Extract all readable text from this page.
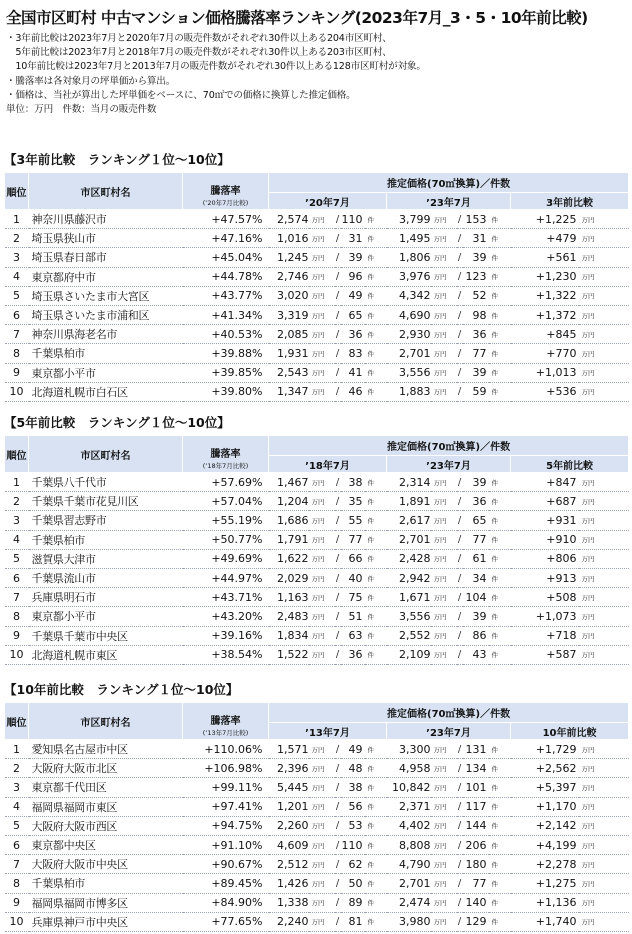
全国市区町村 中古マンション価格騰落率ランキング(2023年7月_3・5・10年前比較)
・3年前比較は2023年7月と2020年7月の販売件数がそれぞれ30件以上ある204市区町村、
　5年前比較は2023年7月と2018年7月の販売件数がそれぞれ30件以上ある203市区町村、
　10年前比較は2023年7月と2013年7月の販売件数がそれぞれ30件以上ある128市区町村が対象。
・騰落率は各対象月の坪単価から算出。
・価格は、当社が算出した坪単価をベースに、70㎡での価格に換算した推定価格。
単位：万円　件数：当月の販売件数
【3年前比較　ランキング１位～10位】
順位	市区町村名	騰落率
(’20年7月比較)	推定価格(70㎡換算)／件数											
			’20年7月					’23年7月					3年前比較	
1	神奈川県藤沢市	+47.57%	2,574	万円	/	110	件	3,799	万円	/	153	件	+1,225	万円
2	埼玉県狭山市	+47.16%	1,016	万円	/	31	件	1,495	万円	/	31	件	+479	万円
3	埼玉県春日部市	+45.04%	1,245	万円	/	39	件	1,806	万円	/	39	件	+561	万円
4	東京都府中市	+44.78%	2,746	万円	/	96	件	3,976	万円	/	123	件	+1,230	万円
5	埼玉県さいたま市大宮区	+43.77%	3,020	万円	/	49	件	4,342	万円	/	52	件	+1,322	万円
6	埼玉県さいたま市浦和区	+41.34%	3,319	万円	/	65	件	4,690	万円	/	98	件	+1,372	万円
7	神奈川県海老名市	+40.53%	2,085	万円	/	36	件	2,930	万円	/	36	件	+845	万円
8	千葉県柏市	+39.88%	1,931	万円	/	83	件	2,701	万円	/	77	件	+770	万円
9	東京都小平市	+39.85%	2,543	万円	/	41	件	3,556	万円	/	39	件	+1,013	万円
10	北海道札幌市白石区	+39.80%	1,347	万円	/	46	件	1,883	万円	/	59	件	+536	万円
【5年前比較　ランキング１位～10位】
順位	市区町村名	騰落率
(’18年7月比較)	推定価格(70㎡換算)／件数											
			’18年7月					’23年7月					5年前比較	
1	千葉県八千代市	+57.69%	1,467	万円	/	38	件	2,314	万円	/	39	件	+847	万円
2	千葉県千葉市花見川区	+57.04%	1,204	万円	/	35	件	1,891	万円	/	36	件	+687	万円
3	千葉県習志野市	+55.19%	1,686	万円	/	55	件	2,617	万円	/	65	件	+931	万円
4	千葉県柏市	+50.77%	1,791	万円	/	77	件	2,701	万円	/	77	件	+910	万円
5	滋賀県大津市	+49.69%	1,622	万円	/	66	件	2,428	万円	/	61	件	+806	万円
6	千葉県流山市	+44.97%	2,029	万円	/	40	件	2,942	万円	/	34	件	+913	万円
7	兵庫県明石市	+43.71%	1,163	万円	/	75	件	1,671	万円	/	104	件	+508	万円
8	東京都小平市	+43.20%	2,483	万円	/	51	件	3,556	万円	/	39	件	+1,073	万円
9	千葉県千葉市中央区	+39.16%	1,834	万円	/	63	件	2,552	万円	/	86	件	+718	万円
10	北海道札幌市東区	+38.54%	1,522	万円	/	36	件	2,109	万円	/	43	件	+587	万円
【10年前比較　ランキング１位～10位】
順位	市区町村名	騰落率
(’13年7月比較)	推定価格(70㎡換算)／件数											
			’13年7月					’23年7月					10年前比較	
1	愛知県名古屋市中区	+110.06%	1,571	万円	/	49	件	3,300	万円	/	131	件	+1,729	万円
2	大阪府大阪市北区	+106.98%	2,396	万円	/	48	件	4,958	万円	/	134	件	+2,562	万円
3	東京都千代田区	+99.11%	5,445	万円	/	38	件	10,842	万円	/	101	件	+5,397	万円
4	福岡県福岡市東区	+97.41%	1,201	万円	/	56	件	2,371	万円	/	117	件	+1,170	万円
5	大阪府大阪市西区	+94.75%	2,260	万円	/	53	件	4,402	万円	/	144	件	+2,142	万円
6	東京都中央区	+91.10%	4,609	万円	/	110	件	8,808	万円	/	206	件	+4,199	万円
7	大阪府大阪市中央区	+90.67%	2,512	万円	/	62	件	4,790	万円	/	180	件	+2,278	万円
8	千葉県柏市	+89.45%	1,426	万円	/	50	件	2,701	万円	/	77	件	+1,275	万円
9	福岡県福岡市博多区	+84.90%	1,338	万円	/	89	件	2,474	万円	/	140	件	+1,136	万円
10	兵庫県神戸市中央区	+77.65%	2,240	万円	/	81	件	3,980	万円	/	129	件	+1,740	万円
